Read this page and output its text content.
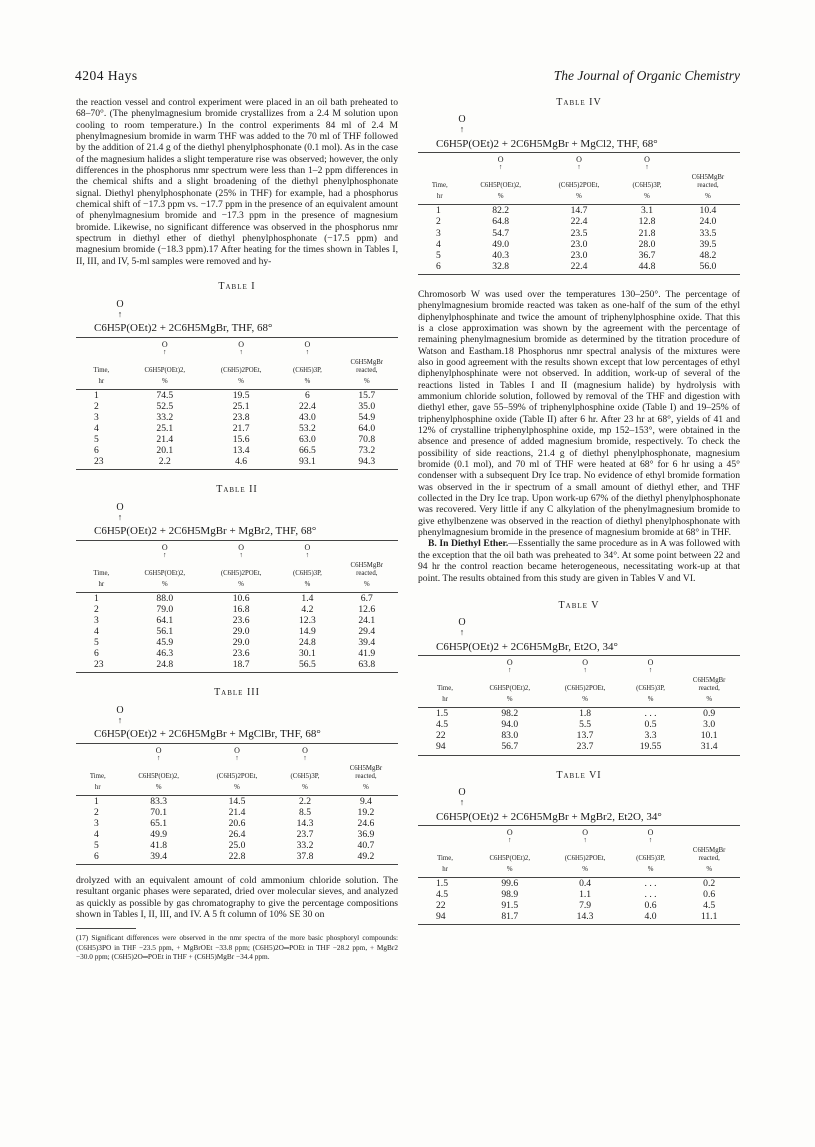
4204 Hays	The Journal of Organic Chemistry

the reaction vessel and control experiment were placed in an oil bath preheated to 68–70°. (The phenylmagnesium bromide crystallizes from a 2.4 M solution upon cooling to room temperature.) In the control experiments 84 ml of 2.4 M phenylmagnesium bromide in warm THF was added to the 70 ml of THF followed by the addition of 21.4 g of the diethyl phenylphosphonate (0.1 mol). As in the case of the magnesium halides a slight temperature rise was observed; however, the only differences in the phosphorus nmr spectrum were less than 1–2 ppm differences in the chemical shifts and a slight broadening of the diethyl phenylphosphonate signal. Diethyl phenylphosphonate (25% in THF) for example, had a phosphorus chemical shift of −17.3 ppm vs. −17.7 ppm in the presence of an equivalent amount of phenylmagnesium bromide and −17.3 ppm in the presence of magnesium bromide. Likewise, no significant difference was observed in the phosphorus nmr spectrum in diethyl ether of diethyl phenylphosphonate (−17.5 ppm) and magnesium bromide (−18.3 ppm).17 After heating for the times shown in Tables I, II, III, and IV, 5-ml samples were removed and hy-

Table I
O
↑
C6H5P(OEt)2 + 2C6H5MgBr, THF, 68°

	O
↑	O
↑	O
↑	

Time,	C6H5P(OEt)2,	(C6H5)2POEt,	(C6H5)3P,	C6H5MgBr
reacted,
hr	%	%	%	%
1	74.5	19.5	6	15.7
2	52.5	25.1	22.4	35.0
3	33.2	23.8	43.0	54.9
4	25.1	21.7	53.2	64.0
5	21.4	15.6	63.0	70.8
6	20.1	13.4	66.5	73.2
23	2.2	4.6	93.1	94.3
Table II
O
↑
C6H5P(OEt)2 + 2C6H5MgBr + MgBr2, THF, 68°

	O
↑	O
↑	O
↑	

Time,	C6H5P(OEt)2,	(C6H5)2POEt,	(C6H5)3P,	C6H5MgBr
reacted,
hr	%	%	%	%
1	88.0	10.6	1.4	6.7
2	79.0	16.8	4.2	12.6
3	64.1	23.6	12.3	24.1
4	56.1	29.0	14.9	29.4
5	45.9	29.0	24.8	39.4
6	46.3	23.6	30.1	41.9
23	24.8	18.7	56.5	63.8
Table III
O
↑
C6H5P(OEt)2 + 2C6H5MgBr + MgClBr, THF, 68°

	O
↑	O
↑	O
↑	

Time,	C6H5P(OEt)2,	(C6H5)2POEt,	(C6H5)3P,	C6H5MgBr
reacted,
hr	%	%	%	%
1	83.3	14.5	2.2	9.4
2	70.1	21.4	8.5	19.2
3	65.1	20.6	14.3	24.6
4	49.9	26.4	23.7	36.9
5	41.8	25.0	33.2	40.7
6	39.4	22.8	37.8	49.2

drolyzed with an equivalent amount of cold ammonium chloride solution. The resultant organic phases were separated, dried over molecular sieves, and analyzed as quickly as possible by gas chromatography to give the percentage compositions shown in Tables I, II, III, and IV. A 5 ft column of 10% SE 30 on

(17) Significant differences were observed in the nmr spectra of the more basic phosphoryl compounds: (C6H5)3PO in THF −23.5 ppm, + MgBrOEt −33.8 ppm; (C6H5)2O═POEt in THF −28.2 ppm, + MgBr2 −30.0 ppm; (C6H5)2O═POEt in THF + (C6H5)MgBr −34.4 ppm.

Table IV
O
↑
C6H5P(OEt)2 + 2C6H5MgBr + MgCl2, THF, 68°

	O
↑	O
↑	O
↑	

Time,	C6H5P(OEt)2,	(C6H5)2POEt,	(C6H5)3P,	C6H5MgBr
reacted,
hr	%	%	%	%
1	82.2	14.7	3.1	10.4
2	64.8	22.4	12.8	24.0
3	54.7	23.5	21.8	33.5
4	49.0	23.0	28.0	39.5
5	40.3	23.0	36.7	48.2
6	32.8	22.4	44.8	56.0

Chromosorb W was used over the temperatures 130–250°. The percentage of phenylmagnesium bromide reacted was taken as one-half of the sum of the ethyl diphenylphosphinate and twice the amount of triphenylphosphine oxide. That this is a close approximation was shown by the agreement with the percentage of remaining phenylmagnesium bromide as determined by the titration procedure of Watson and Eastham.18 Phosphorus nmr spectral analysis of the mixtures were also in good agreement with the results shown except that low percentages of ethyl diphenylphosphinate were not observed. In addition, work-up of several of the reactions listed in Tables I and II (magnesium halide) by hydrolysis with ammonium chloride solution, followed by removal of the THF and digestion with diethyl ether, gave 55–59% of triphenylphosphine oxide (Table I) and 19–25% of triphenylphosphine oxide (Table II) after 6 hr. After 23 hr at 68°, yields of 41 and 12% of crystalline triphenylphosphine oxide, mp 152–153°, were obtained in the absence and presence of added magnesium bromide, respectively. To check the possibility of side reactions, 21.4 g of diethyl phenylphosphonate, magnesium bromide (0.1 mol), and 70 ml of THF were heated at 68° for 6 hr using a 45° condenser with a subsequent Dry Ice trap. No evidence of ethyl bromide formation was observed in the ir spectrum of a small amount of diethyl ether, and THF collected in the Dry Ice trap. Upon work-up 67% of the diethyl phenylphosphonate was recovered. Very little if any C alkylation of the phenylmagnesium bromide to give ethylbenzene was observed in the reaction of diethyl phenylphosphonate with phenylmagnesium bromide in the presence of magnesium bromide at 68° in THF.

B. In Diethyl Ether.—Essentially the same procedure as in A was followed with the exception that the oil bath was preheated to 34°. At some point between 22 and 94 hr the control reaction became heterogeneous, necessitating work-up at that point. The results obtained from this study are given in Tables V and VI.

Table V
O
↑
C6H5P(OEt)2 + 2C6H5MgBr, Et2O, 34°

	O
↑	O
↑	O
↑	

Time,	C6H5P(OEt)2,	(C6H5)2POEt,	(C6H5)3P,	C6H5MgBr
reacted,
hr	%	%	%	%
1.5	98.2	1.8	. . .	0.9
4.5	94.0	5.5	0.5	3.0
22	83.0	13.7	3.3	10.1
94	56.7	23.7	19.55	31.4
Table VI
O
↑
C6H5P(OEt)2 + 2C6H5MgBr + MgBr2, Et2O, 34°

	O
↑	O
↑	O
↑	

Time,	C6H5P(OEt)2,	(C6H5)2POEt,	(C6H5)3P,	C6H5MgBr
reacted,
hr	%	%	%	%
1.5	99.6	0.4	. . .	0.2
4.5	98.9	1.1	. . .	0.6
22	91.5	7.9	0.6	4.5
94	81.7	14.3	4.0	11.1
